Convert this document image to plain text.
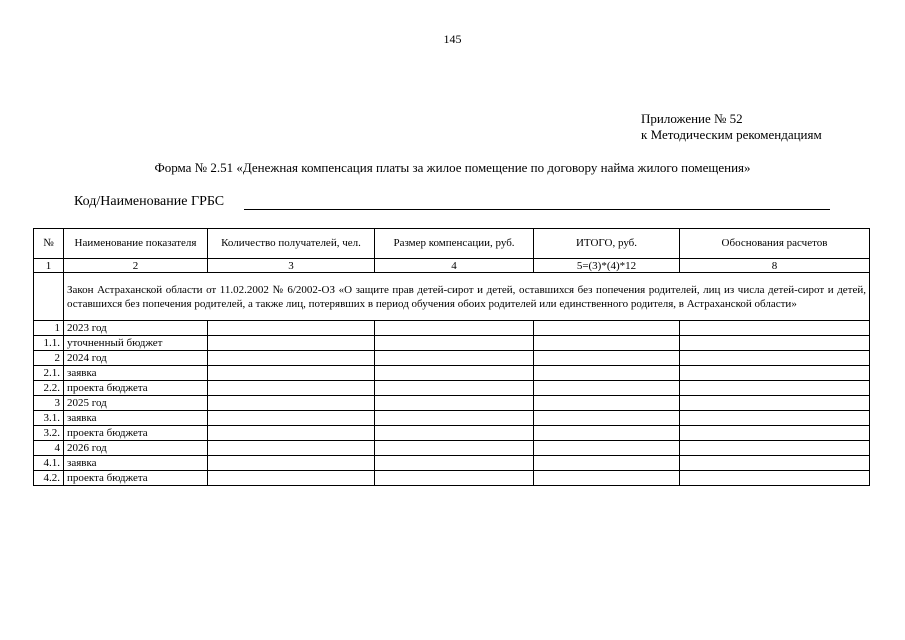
145
Приложение № 52
к Методическим рекомендациям
Форма № 2.51 «Денежная компенсация платы за жилое помещение по договору найма жилого помещения»
Код/Наименование ГРБС
№	Наименование показателя	Количество получателей, чел.	Размер компенсации, руб.	ИТОГО, руб.	Обоснования расчетов
1	2	3	4	5=(3)*(4)*12	8
	Закон Астраханской области от 11.02.2002 № 6/2002-ОЗ «О защите прав детей-сирот и детей, оставшихся без попечения родителей, лиц из числа детей-сирот и детей, оставшихся без попечения родителей, а также лиц, потерявших в период обучения обоих родителей или единственного родителя, в Астраханской области»				
1	2023 год				
1.1.	уточненный бюджет				
2	2024 год				
2.1.	заявка				
2.2.	проекта бюджета				
3	2025 год				
3.1.	заявка				
3.2.	проекта бюджета				
4	2026 год				
4.1.	заявка				
4.2.	проекта бюджета				
